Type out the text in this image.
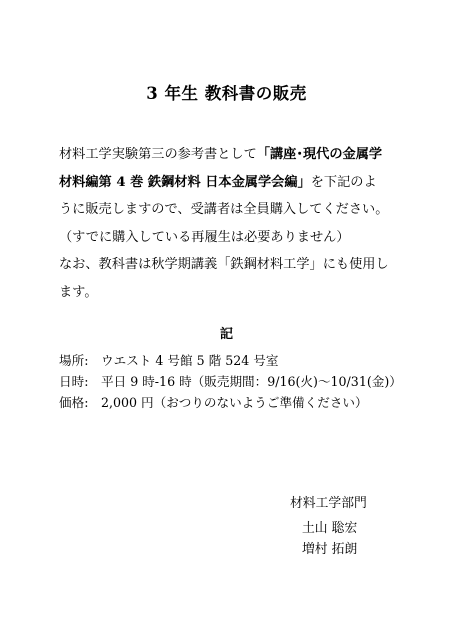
3 年生 教科書の販売
材料工学実験第三の参考書として「講座･現代の金属学
材料編第 4 巻 鉄鋼材料 日本金属学会編」を下記のよ
うに販売しますので、受講者は全員購入してください。
（すでに購入している再履生は必要ありません）
なお、教科書は秋学期講義「鉄鋼材料工学」にも使用し
ます。
記
場所: ウエスト 4 号館 5 階 524 号室
日時: 平日 9 時-16 時（販売期間：9/16(火)～10/31(金)）
価格: 2,000 円（おつりのないようご準備ください）
材料工学部門
土山 聡宏
増村 拓朗
